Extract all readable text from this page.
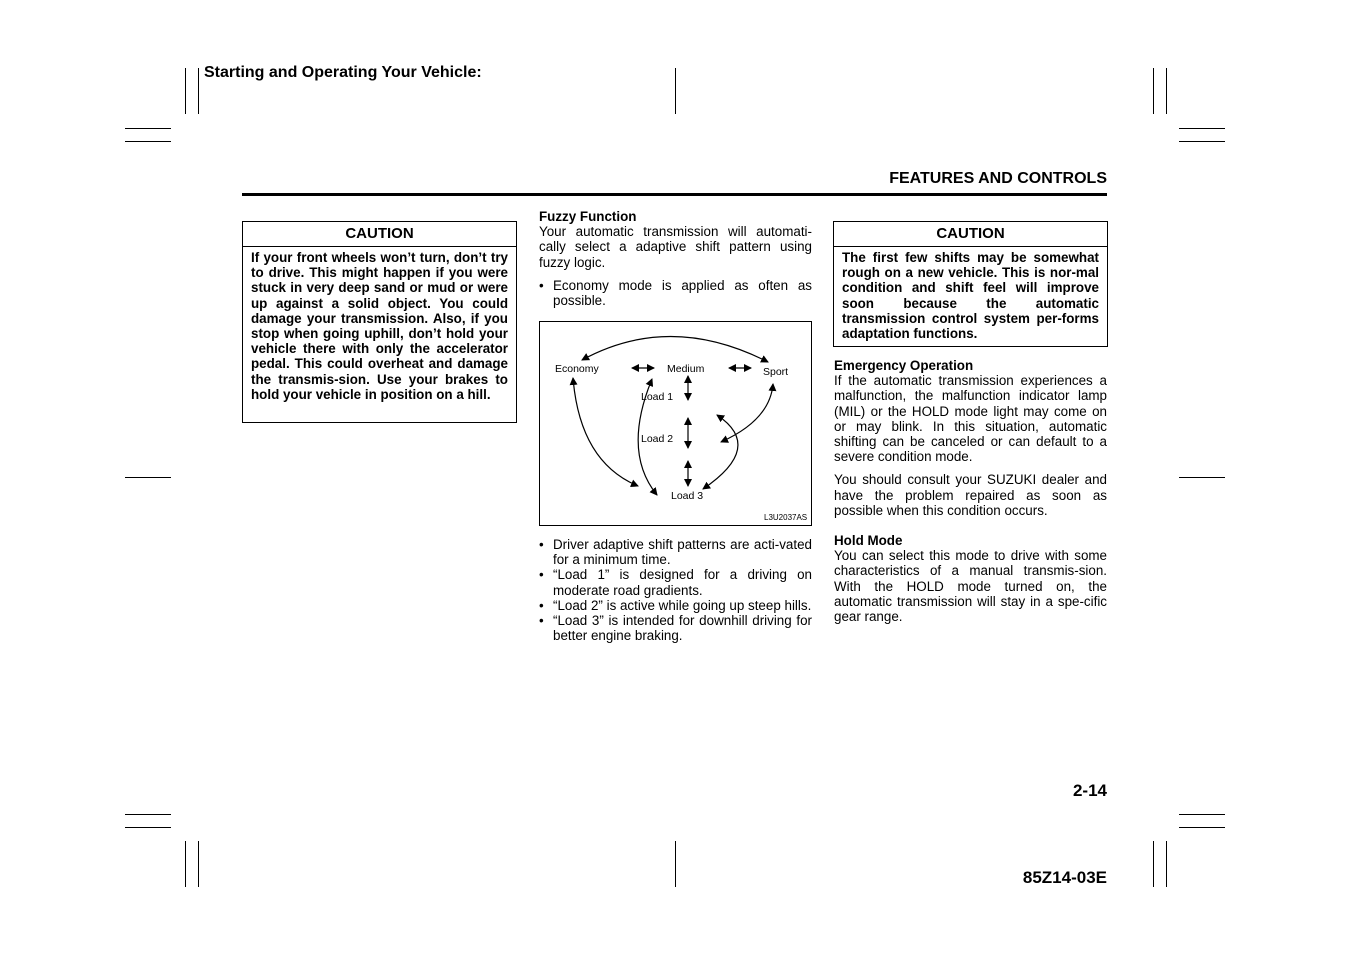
Starting and Operating Your Vehicle:
FEATURES AND CONTROLS
CAUTION
If your front wheels won’t turn, don’t try to drive. This might happen if you were stuck in very deep sand or mud or were up against a solid object. You could damage your transmission. Also, if you stop when going uphill, don’t hold your vehicle there with only the accelerator pedal. This could overheat and damage the transmis-sion. Use your brakes to hold your vehicle in position on a hill.
Fuzzy Function

Your automatic transmission will automati-cally select a adaptive shift pattern using fuzzy logic.

• Economy mode is applied as often as possible.
Economy	Medium	Sport
Load 1
Load 2
Load 3
L3U2037AS
• Driver adaptive shift patterns are acti-vated for a minimum time.
• “Load 1” is designed for a driving on moderate road gradients.
• “Load 2” is active while going up steep hills.
• “Load 3” is intended for downhill driving for better engine braking.
CAUTION
The first few shifts may be somewhat rough on a new vehicle. This is nor-mal condition and shift feel will improve soon because the automatic transmission control system per-forms adaptation functions.
Emergency Operation

If the automatic transmission experiences a malfunction, the malfunction indicator lamp (MIL) or the HOLD mode light may come on or may blink. In this situation, automatic shifting can be canceled or can default to a severe condition mode.

You should consult your SUZUKI dealer and have the problem repaired as soon as possible when this condition occurs.

Hold Mode

You can select this mode to drive with some characteristics of a manual transmis-sion. With the HOLD mode turned on, the automatic transmission will stay in a spe-cific gear range.

2-14
85Z14-03E
